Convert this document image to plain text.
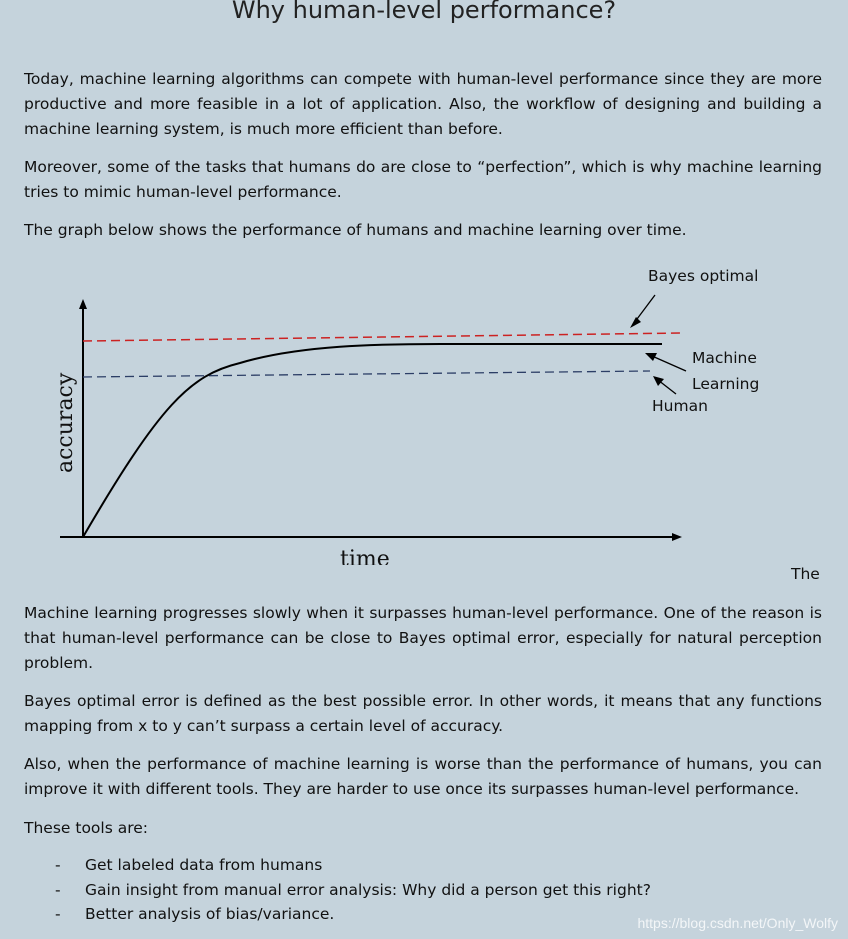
Why human-level performance?

Today, machine learning algorithms can compete with human-level performance since they are more productive and more feasible in a lot of application. Also, the workflow of designing and building a machine learning system, is much more efficient than before.

Moreover, some of the tasks that humans do are close to “perfection”, which is why machine learning tries to mimic human-level performance.

The graph below shows the performance of humans and machine learning over time.

Bayes optimal
Machine
Learning
Human
accuracy
time
The

Machine learning progresses slowly when it surpasses human-level performance. One of the reason is that human-level performance can be close to Bayes optimal error, especially for natural perception problem.

Bayes optimal error is defined as the best possible error. In other words, it means that any functions mapping from x to y can’t surpass a certain level of accuracy.

Also, when the performance of machine learning is worse than the performance of humans, you can improve it with different tools. They are harder to use once its surpasses human-level performance.

These tools are:

- Get labeled data from humans
- Gain insight from manual error analysis: Why did a person get this right?
- Better analysis of bias/variance.	https://blog.csdn.net/Only_Wolfy
